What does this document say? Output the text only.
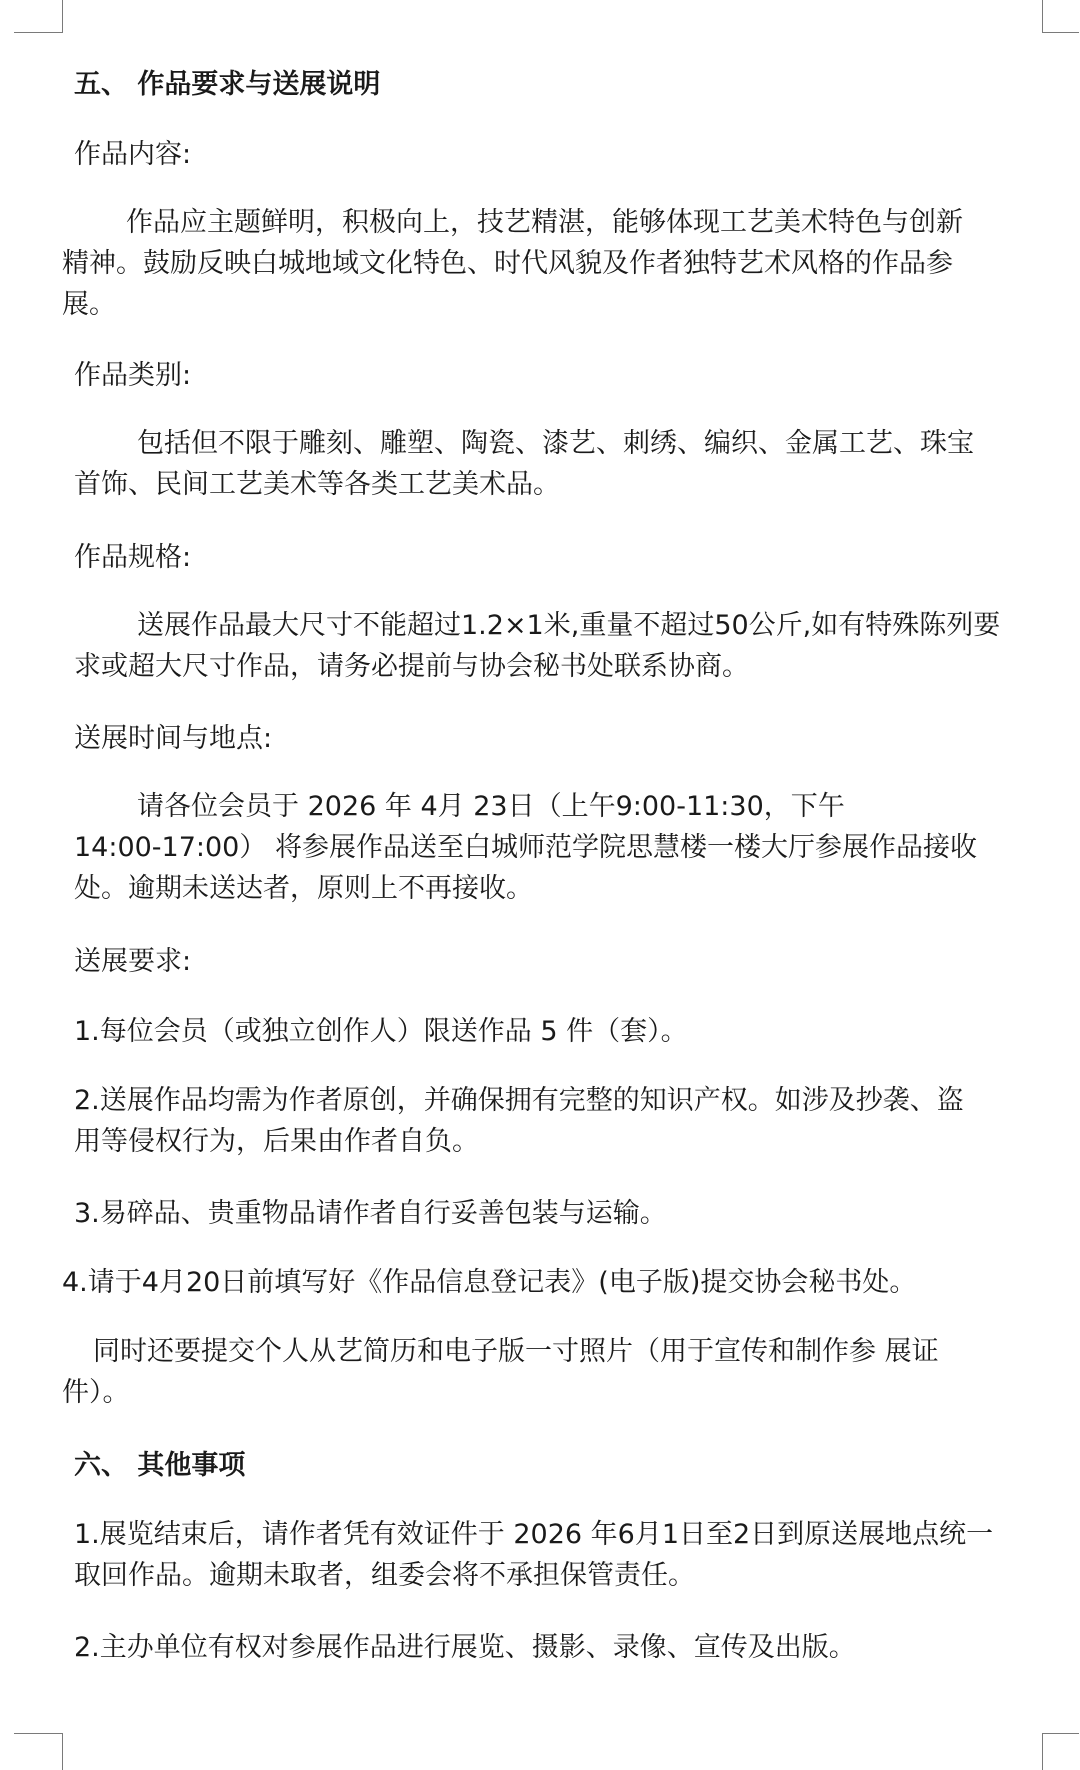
五、 作品要求与送展说明

作品内容:

作品应主题鲜明，积极向上，技艺精湛，能够体现工艺美术特色与创新

精神。鼓励反映白城地域文化特色、时代风貌及作者独特艺术风格的作品参

展。

作品类别:

包括但不限于雕刻、雕塑、陶瓷、漆艺、刺绣、编织、金属工艺、珠宝

首饰、民间工艺美术等各类工艺美术品。

作品规格:

送展作品最大尺寸不能超过1.2×1米,重量不超过50公斤,如有特殊陈列要

求或超大尺寸作品，请务必提前与协会秘书处联系协商。

送展时间与地点:

请各位会员于 2026 年 4月 23日（上午9:00-11:30，下午

14:00-17:00） 将参展作品送至白城师范学院思慧楼一楼大厅参展作品接收

处。逾期未送达者，原则上不再接收。

送展要求:

1.每位会员（或独立创作人）限送作品 5 件（套）。

2.送展作品均需为作者原创，并确保拥有完整的知识产权。如涉及抄袭、盗

用等侵权行为，后果由作者自负。

3.易碎品、贵重物品请作者自行妥善包装与运输。

4.请于4月20日前填写好《作品信息登记表》(电子版)提交协会秘书处。

同时还要提交个人从艺简历和电子版一寸照片（用于宣传和制作参 展证

件）。

六、 其他事项

1.展览结束后，请作者凭有效证件于 2026 年6月1日至2日到原送展地点统一

取回作品。逾期未取者，组委会将不承担保管责任。

2.主办单位有权对参展作品进行展览、摄影、录像、宣传及出版。
